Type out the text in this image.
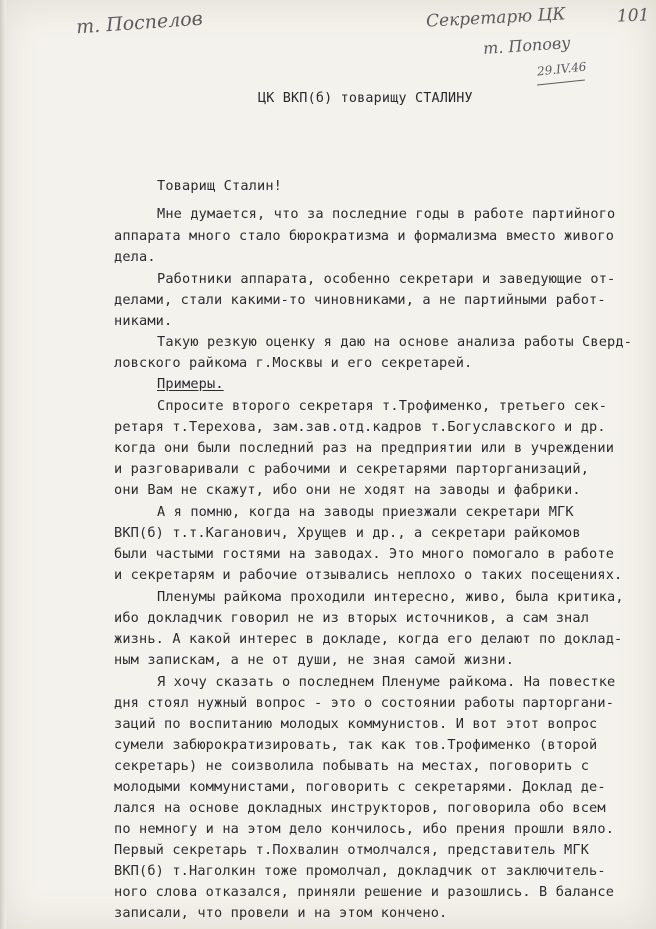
т. Поспелов	Секретарю ЦК	101
т. Попову
29.IV.46
ЦК ВКП(б) товарищу СТАЛИНУ
Товарищ Сталин!
Мне думается, что за последние годы в работе партийного
аппарата много стало бюрократизма и формализма вместо живого
дела.
Работники аппарата, особенно секретари и заведующие от-
делами, стали какими-то чиновниками, а не партийными работ-
никами.
Такую резкую оценку я даю на основе анализа работы Сверд-
ловского райкома г.Москвы и его секретарей.
Примеры.
Спросите второго секретаря т.Трофименко, третьего сек-
ретаря т.Терехова, зам.зав.отд.кадров т.Богуславского и др.
когда они были последний раз на предприятии или в учреждении
и разговаривали с рабочими и секретарями парторганизаций,
они Вам не скажут, ибо они не ходят на заводы и фабрики.
А я помню, когда на заводы приезжали секретари МГК
ВКП(б) т.т.Каганович, Хрущев и др., а секретари райкомов
были частыми гостями на заводах. Это много помогало в работе
и секретарям и рабочие отзывались неплохо о таких посещениях.
Пленумы райкома проходили интересно, живо, была критика,
ибо докладчик говорил не из вторых источников, а сам знал
жизнь. А какой интерес в докладе, когда его делают по доклад-
ным запискам, а не от души, не зная самой жизни.
Я хочу сказать о последнем Пленуме райкома. На повестке
дня стоял нужный вопрос - это о состоянии работы парторгани-
заций по воспитанию молодых коммунистов. И вот этот вопрос
сумели забюрократизировать, так как тов.Трофименко (второй
секретарь) не соизволила побывать на местах, поговорить с
молодыми коммунистами, поговорить с секретарями. Доклад де-
лался на основе докладных инструкторов, поговорила обо всем
по немногу и на этом дело кончилось, ибо прения прошли вяло.
Первый секретарь т.Похвалин отмолчался, представитель МГК
ВКП(б) т.Наголкин тоже промолчал, докладчик от заключитель-
ного слова отказался, приняли решение и разошлись. В балансе
записали, что провели и на этом кончено.
